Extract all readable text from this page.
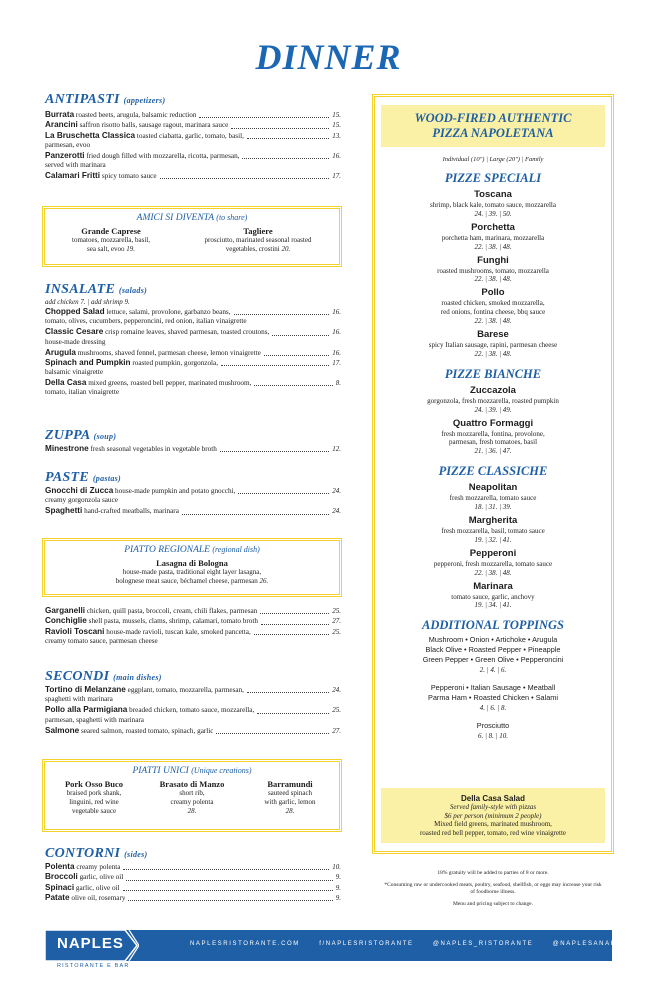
DINNER

ANTIPASTI (appetizers)

Burrata roasted beets, arugula, balsamic reduction	15.
Arancini saffron risotto balls, sausage ragout, marinara sauce	15.
La Bruschetta Classica toasted ciabatta, garlic, tomato, basil,	13.

parmesan, evoo

Panzerotti fried dough filled with mozzarella, ricotta, parmesan,	16.

served with marinara

Calamari Fritti spicy tomato sauce	17.

AMICI SI DIVENTA (to share)

Grande Caprese

tomatoes, mozzarella, basil,

sea salt, evoo 19.

Tagliere

prosciutto, marinated seasonal roasted

vegetables, crostini 20.

INSALATE (salads)

add chicken 7. | add shrimp 9.

Chopped Salad lettuce, salami, provolone, garbanzo beans,	16.

tomato, olives, cucumbers, pepperoncini, red onion, italian vinaigrette

Classic Cesare crisp romaine leaves, shaved parmesan, toasted croutons,	16.

house-made dressing

Arugula mushrooms, shaved fennel, parmesan cheese, lemon vinaigrette	16.
Spinach and Pumpkin roasted pumpkin, gorgonzola,	17.

balsamic vinaigrette

Della Casa mixed greens, roasted bell pepper, marinated mushroom,	8.

tomato, italian vinaigrette

ZUPPA (soup)

Minestrone fresh seasonal vegetables in vegetable broth	12.

PASTE (pastas)

Gnocchi di Zucca house-made pumpkin and potato gnocchi,	24.

creamy gorgonzola sauce

Spaghetti hand-crafted meatballs, marinara	24.

PIATTO REGIONALE (regional dish)

Lasagna di Bologna

house-made pasta, traditional eight layer lasagna,

bolognese meat sauce, béchamel cheese, parmesan 26.

Garganelli chicken, quill pasta, broccoli, cream, chili flakes, parmesan	25.
Conchiglie shell pasta, mussels, clams, shrimp, calamari, tomato broth	27.
Ravioli Toscani house-made ravioli, tuscan kale, smoked pancetta,	25.

creamy tomato sauce, parmesan cheese

SECONDI (main dishes)

Tortino di Melanzane eggplant, tomato, mozzarella, parmesan,	24.

spaghetti with marinara

Pollo alla Parmigiana breaded chicken, tomato sauce, mozzarella,	25.

parmesan, spaghetti with marinara

Salmone seared salmon, roasted tomato, spinach, garlic	27.

PIATTI UNICI (Unique creations)

Pork Osso Buco

braised pork shank,

linguini, red wine

vegetable sauce

Brasato di Manzo

short rib,

creamy polenta

28.

Barramundi

sauteed spinach

with garlic, lemon

28.

CONTORNI (sides)

Polenta creamy polenta	10.
Broccoli garlic, olive oil	9.
Spinaci garlic, olive oil	9.
Patate olive oil, rosemary	9.

WOOD-FIRED AUTHENTIC

PIZZA NAPOLETANA

Individual (10") | Large (20") | Family

PIZZE SPECIALI

Toscana

shrimp, black kale, tomato sauce, mozzarella

24. | 39. | 50.

Porchetta

porchetta ham, marinara, mozzarella

22. | 38. | 48.

Funghi

roasted mushrooms, tomato, mozzarella

22. | 38. | 48.

Pollo

roasted chicken, smoked mozzarella,

red onions, fontina cheese, bbq sauce

22. | 38. | 48.

Barese

spicy Italian sausage, rapini, parmesan cheese

22. | 38. | 48.

PIZZE BIANCHE

Zuccazola

gorgonzola, fresh mozzarella, roasted pumpkin

24. | 39. | 49.

Quattro Formaggi

fresh mozzarella, fontina, provolone,

parmesan, fresh tomatoes, basil

21. | 36. | 47.

PIZZE CLASSICHE

Neapolitan

fresh mozzarella, tomato sauce

18. | 31. | 39.

Margherita

fresh mozzarella, basil, tomato sauce

19. | 32. | 41.

Pepperoni

pepperoni, fresh mozzarella, tomato sauce

22. | 38. | 48.

Marinara

tomato sauce, garlic, anchovy

19. | 34. | 41.

ADDITIONAL TOPPINGS

Mushroom • Onion • Artichoke • Arugula
Black Olive • Roasted Pepper • Pineapple
Green Pepper • Green Olive • Pepperoncini
2. | 4. | 6.
Pepperoni • Italian Sausage • Meatball
Parma Ham • Roasted Chicken • Salami
4. | 6. | 8.
Prosciutto
6. | 8. | 10.

Della Casa Salad

Served family-style with pizzas

$6 per person (minimum 2 people)

Mixed field greens, marinated mushroom,

roasted red bell pepper, tomato, red wine vinaigrette

18% gratuity will be added to parties of 8 or more.

*Consuming raw or undercooked meats, poultry, seafood, shellfish, or eggs may increase your risk of foodborne illness.

Menu and pricing subject to change.

NAPLES
RISTORANTE E BAR
NAPLESRISTORANTE.COM	f/NAPLESRISTORANTE	@NAPLES_RISTORANTE	@NAPLESANAHEIM
